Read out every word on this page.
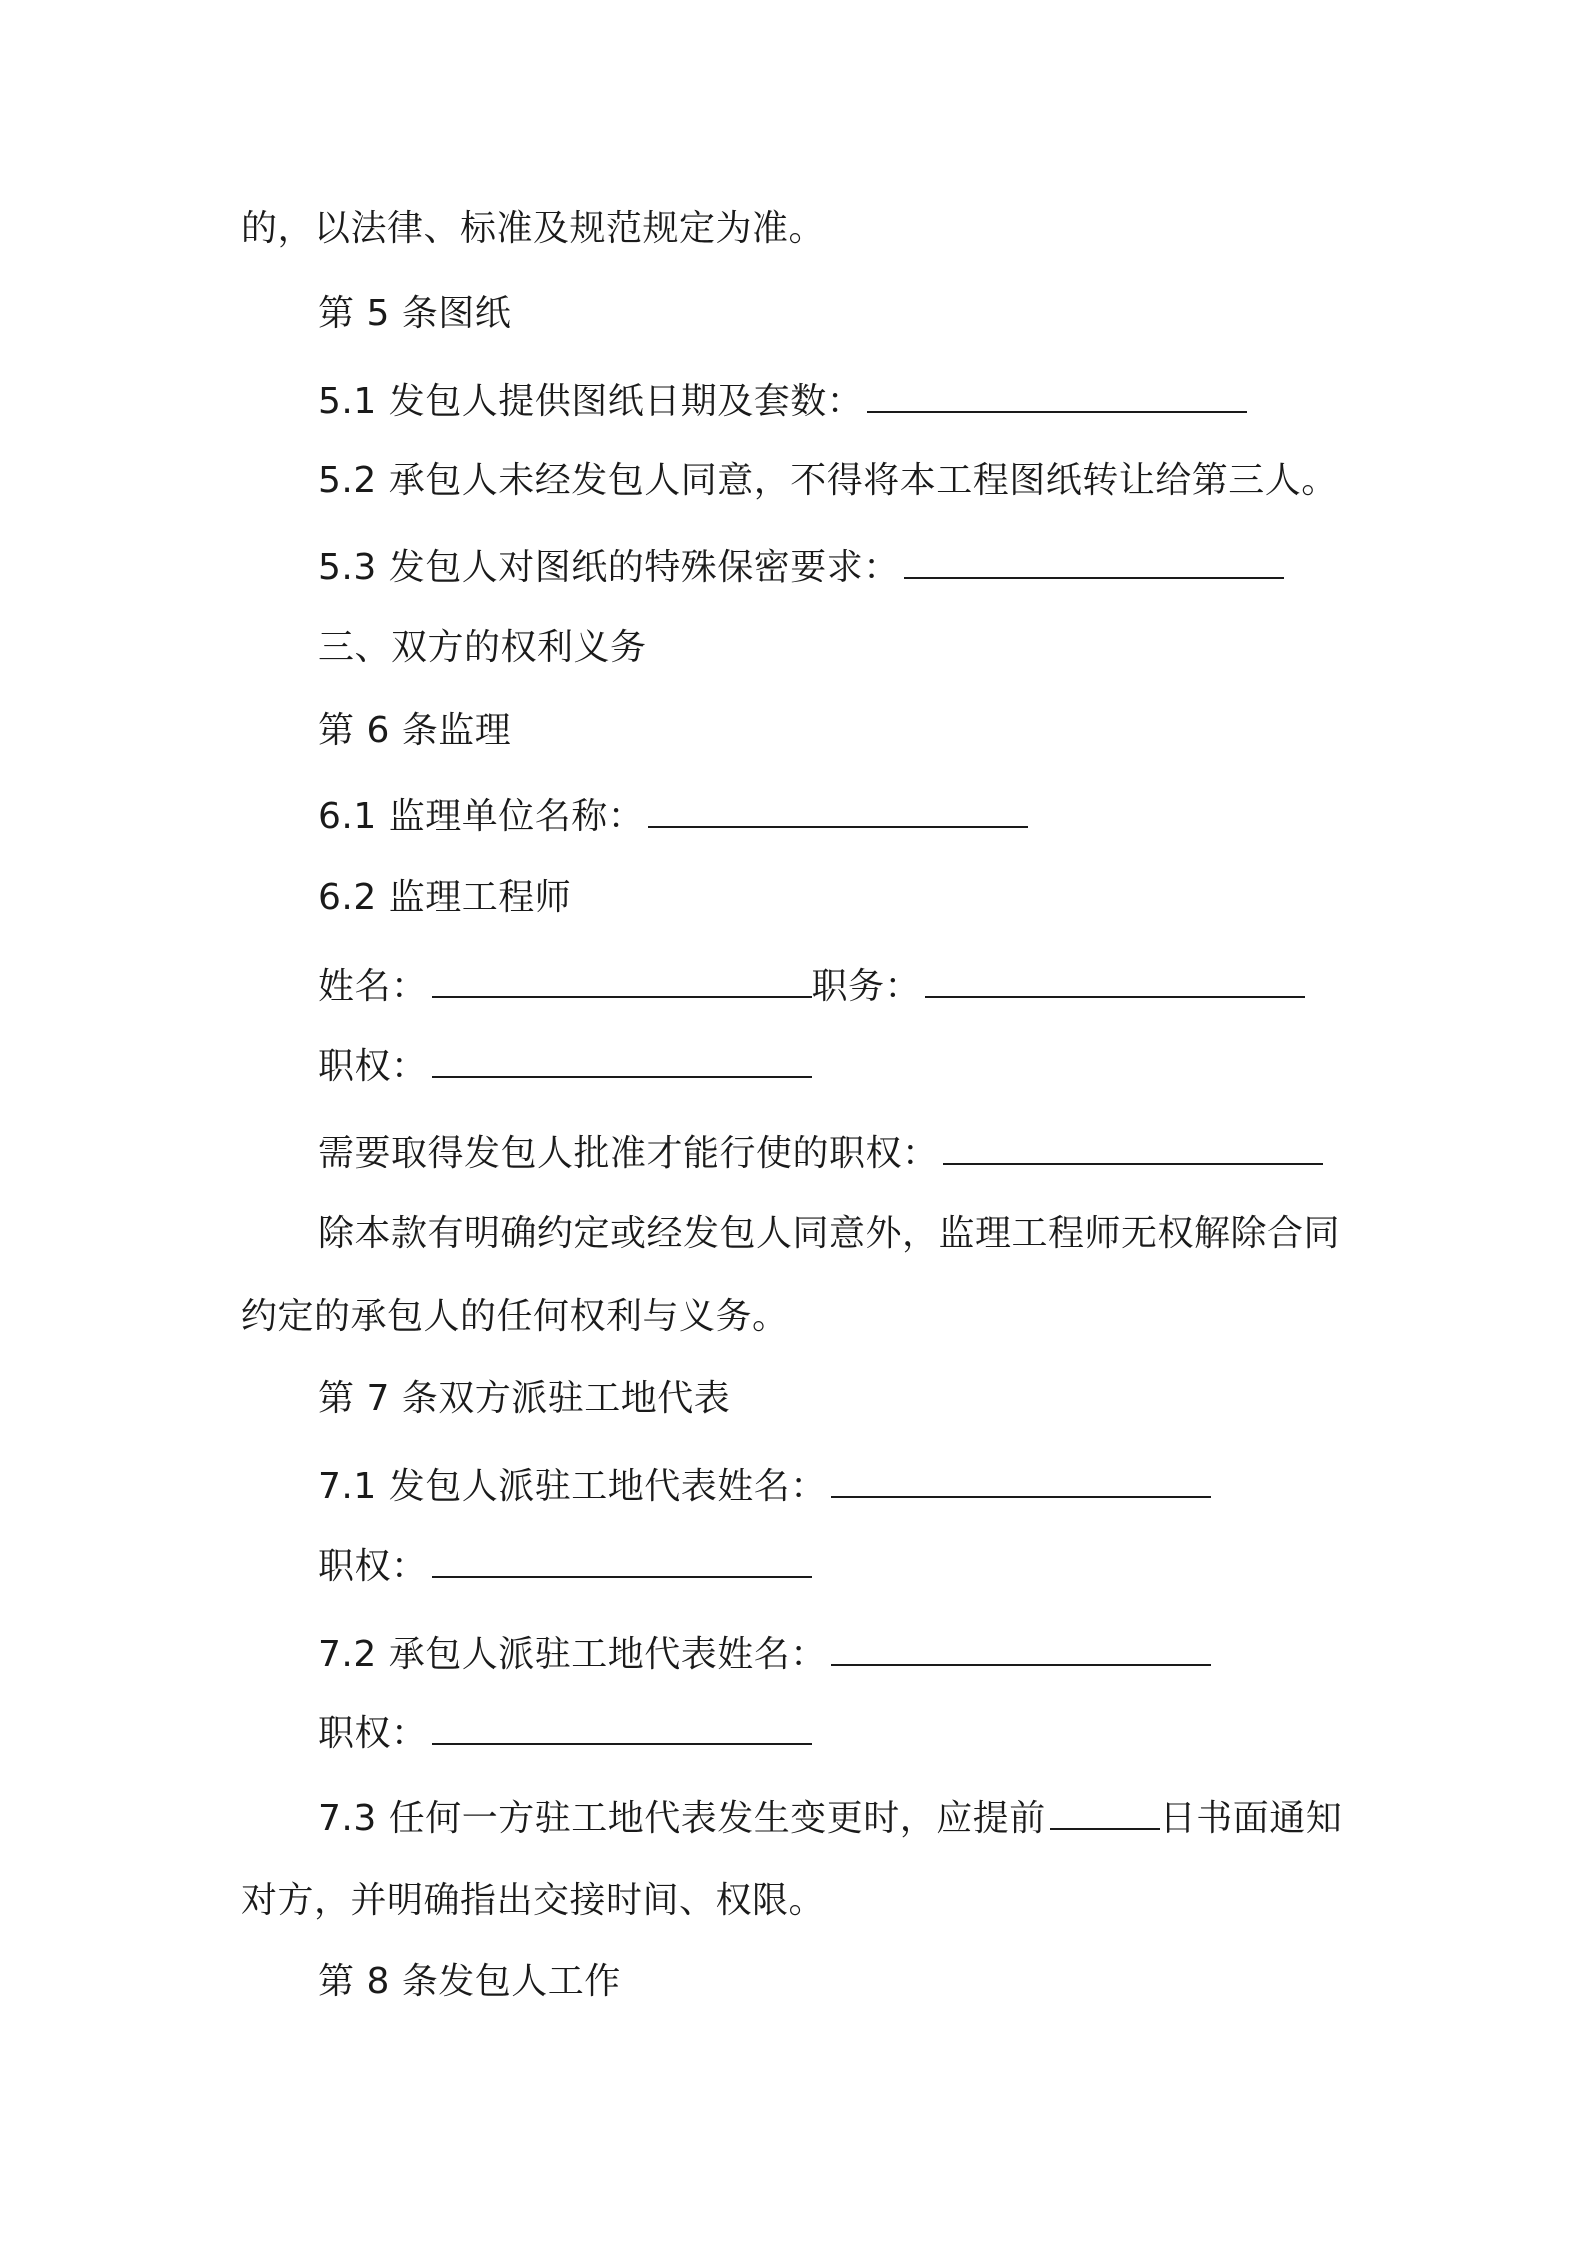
的，以法律、标准及规范规定为准。
第 5 条图纸
5.1 发包人提供图纸日期及套数：
5.2 承包人未经发包人同意，不得将本工程图纸转让给第三人。
5.3 发包人对图纸的特殊保密要求：
三、双方的权利义务
第 6 条监理
6.1 监理单位名称：
6.2 监理工程师
姓名：	职务：
职权：
需要取得发包人批准才能行使的职权：
除本款有明确约定或经发包人同意外，监理工程师无权解除合同
约定的承包人的任何权利与义务。
第 7 条双方派驻工地代表
7.1 发包人派驻工地代表姓名：
职权：
7.2 承包人派驻工地代表姓名：
职权：
7.3 任何一方驻工地代表发生变更时，应提前	日书面通知
对方，并明确指出交接时间、权限。
第 8 条发包人工作
